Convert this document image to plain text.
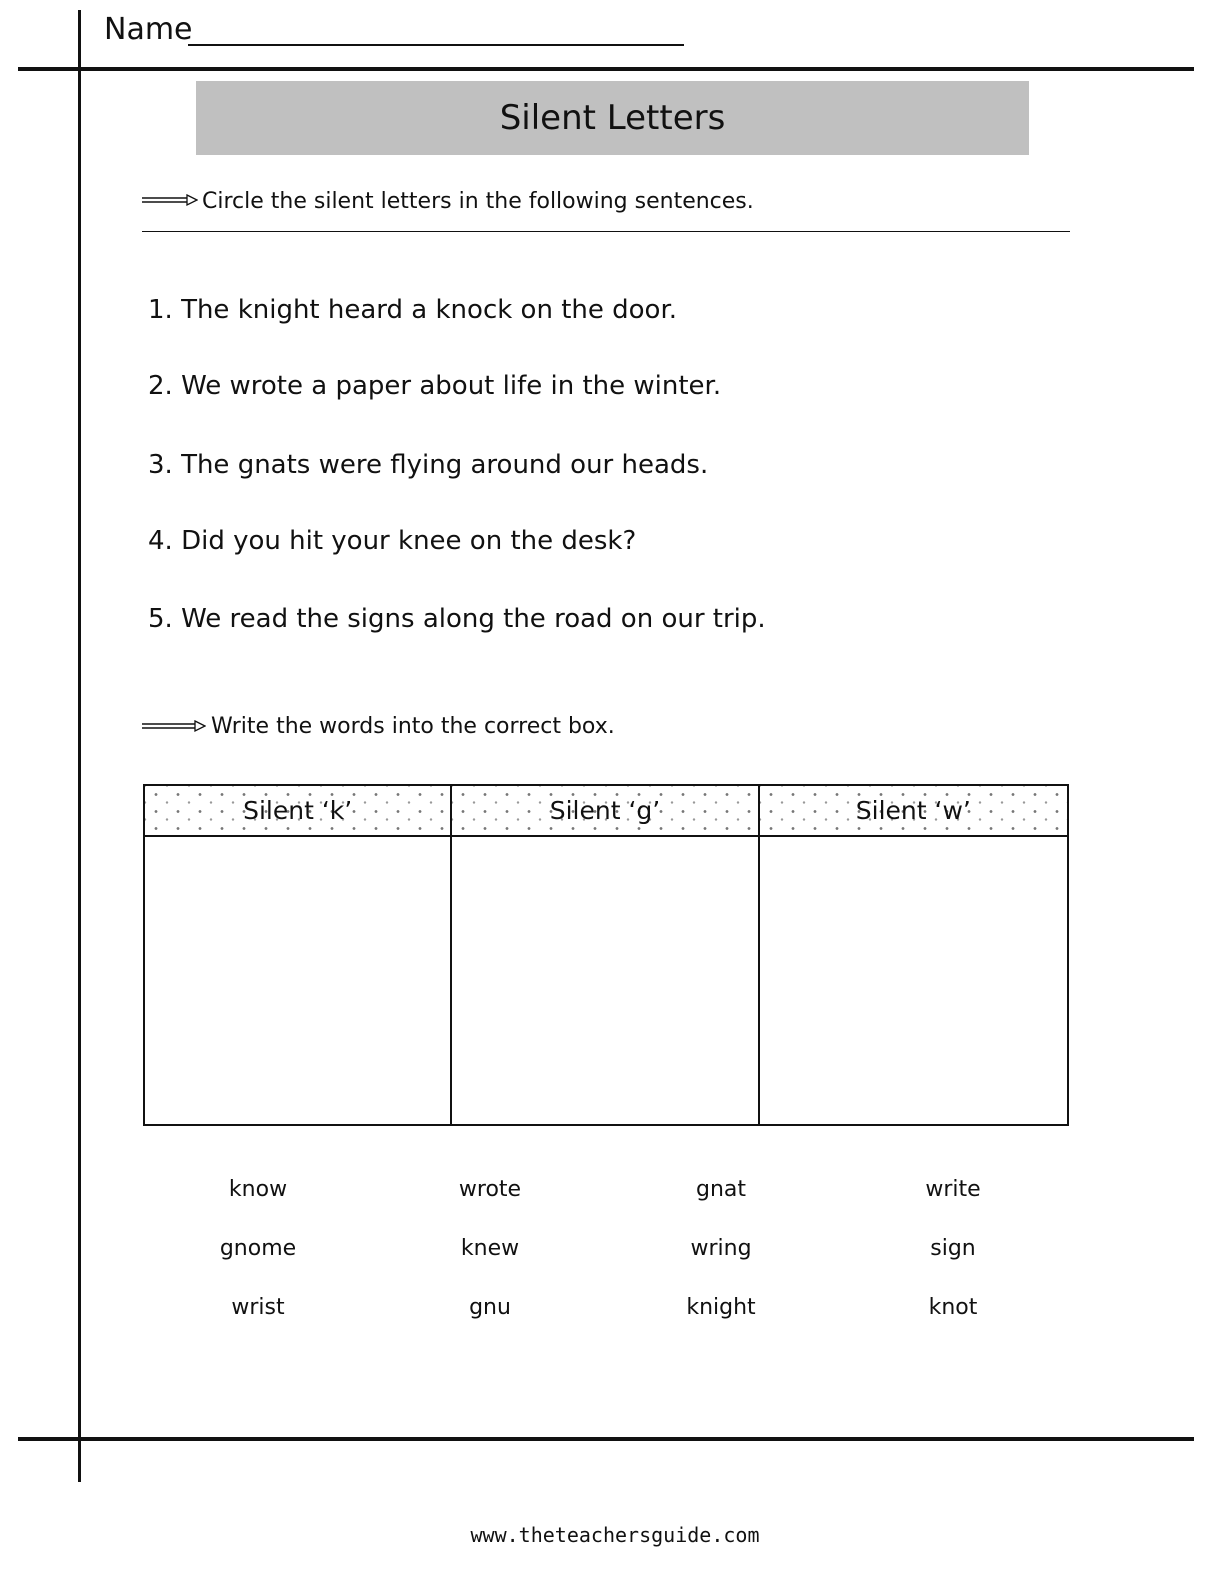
Name
Silent Letters
Circle the silent letters in the following sentences.
1. The knight heard a knock on the door.
2. We wrote a paper about life in the winter.
3. The gnats were flying around our heads.
4. Did you hit your knee on the desk?
5. We read the signs along the road on our trip.
Write the words into the correct box.
Silent ‘k’	Silent ‘g’	Silent ‘w’
know	wrote	gnat	write
gnome	knew	wring	sign
wrist	gnu	knight	knot
www.theteachersguide.com
